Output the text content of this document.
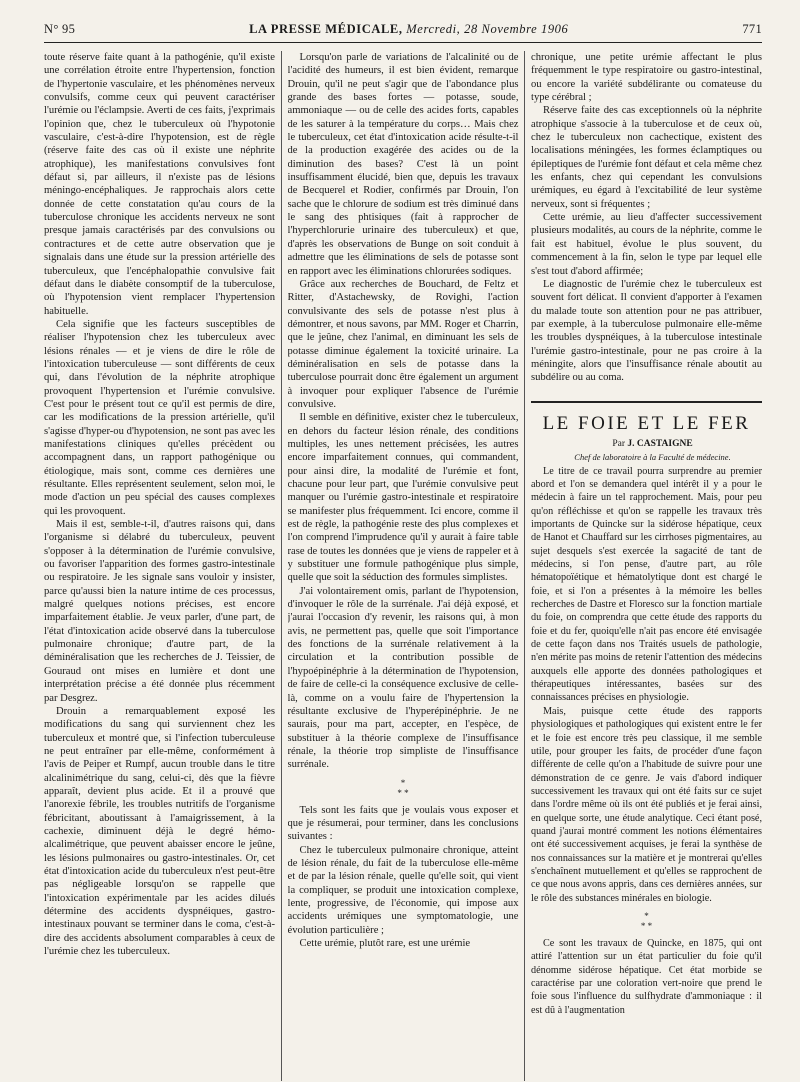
N° 95	LA PRESSE MÉDICALE, Mercredi, 28 Novembre 1906	771

toute réserve faite quant à la pathogénie, qu'il existe une corrélation étroite entre l'hypertension, fonction de l'hypertonie vasculaire, et les phénomènes nerveux convulsifs, comme ceux qui peuvent caractériser l'urémie ou l'éclampsie. Averti de ces faits, j'exprimais l'opinion que, chez le tuberculeux où l'hypotonie vasculaire, c'est-à-dire l'hypotension, est de règle (réserve faite des cas où il existe une néphrite atrophique), les manifestations convulsives font défaut si, par ailleurs, il n'existe pas de lésions méningo-encéphaliques. Je rapprochais alors cette donnée de cette constatation qu'au cours de la tuberculose chronique les accidents nerveux ne sont presque jamais caractérisés par des convulsions ou contractures et de cette autre observation que je signalais dans une étude sur la pression artérielle des tuberculeux, que l'encéphalopathie convulsive fait défaut dans le diabète consomptif de la tuberculose, où l'hypotension vient remplacer l'hypertension habituelle.

Cela signifie que les facteurs susceptibles de réaliser l'hypotension chez les tuberculeux avec lésions rénales — et je viens de dire le rôle de l'intoxication tuberculeuse — sont différents de ceux qui, dans l'évolution de la néphrite atrophique provoquent l'hypertension et l'urémie convulsive. C'est pour le présent tout ce qu'il est permis de dire, car les modifications de la pression artérielle, qu'il s'agisse d'hyper-ou d'hypotension, ne sont pas avec les manifestations cliniques qu'elles précèdent ou accompagnent dans, un rapport pathogénique ou étiologique, mais sont, comme ces dernières une résultante. Elles représentent seulement, selon moi, le mode d'action un peu spécial des causes complexes qui les provoquent.

Mais il est, semble-t-il, d'autres raisons qui, dans l'organisme si délabré du tuberculeux, peuvent s'opposer à la détermination de l'urémie convulsive, ou favoriser l'apparition des formes gastro-intestinale ou respiratoire. Je les signale sans vouloir y insister, parce qu'aussi bien la nature intime de ces processus, malgré quelques notions précises, est encore imparfaitement établie. Je veux parler, d'une part, de l'état d'intoxication acide observé dans la tuberculose pulmonaire chronique; d'autre part, de la déminéralisation que les recherches de J. Teissier, de Gouraud ont mises en lumière et dont une interprétation précise a été donnée plus récemment par Desgrez.

Drouin a remarquablement exposé les modifications du sang qui surviennent chez les tuberculeux et montré que, si l'infection tuberculeuse ne peut entraîner par elle-même, conformément à l'avis de Peiper et Rumpf, aucun trouble dans le titre alcalinimétrique du sang, celui-ci, dès que la fièvre apparaît, devient plus acide. Et il a prouvé que l'anorexie fébrile, les troubles nutritifs de l'organisme fébricitant, aboutissant à l'amaigrissement, à la cachexie, diminuent déjà le degré hémo-alcalimétrique, que peuvent abaisser encore le jeûne, les lésions pulmonaires ou gastro-intestinales. Or, cet état d'intoxication acide du tuberculeux n'est peut-être pas négligeable lorsqu'on se rappelle que l'intoxication expérimentale par les acides dilués détermine des accidents dyspnéiques, gastro-intestinaux pouvant se terminer dans le coma, c'est-à-dire des accidents absolument comparables à ceux de l'urémie chez les tuberculeux.

Lorsqu'on parle de variations de l'alcalinité ou de l'acidité des humeurs, il est bien évident, remarque Drouin, qu'il ne peut s'agir que de l'abondance plus grande des bases fortes — potasse, soude, ammoniaque — ou de celle des acides forts, capables de les saturer à la température du corps… Mais chez le tuberculeux, cet état d'intoxication acide résulte-t-il de la production exagérée des acides ou de la diminution des bases? C'est là un point insuffisamment élucidé, bien que, depuis les travaux de Becquerel et Rodier, confirmés par Drouin, l'on sache que le chlorure de sodium est très diminué dans le sang des phtisiques (fait à rapprocher de l'hyperchlorurie urinaire des tuberculeux) et que, d'après les observations de Bunge on soit conduit à admettre que les éliminations de sels de potasse sont en rapport avec les éliminations chlorurées sodiques.

Grâce aux recherches de Bouchard, de Feltz et Ritter, d'Astachewsky, de Rovighi, l'action convulsivante des sels de potasse n'est plus à démontrer, et nous savons, par MM. Roger et Charrin, que le jeûne, chez l'animal, en diminuant les sels de potasse diminue également la toxicité urinaire. La déminéralisation en sels de potasse dans la tuberculose pourrait donc être également un argument à invoquer pour expliquer l'absence de l'urémie convulsive.

Il semble en définitive, exister chez le tuberculeux, en dehors du facteur lésion rénale, des conditions multiples, les unes nettement précisées, les autres encore imparfaitement connues, qui commandent, pour ainsi dire, la modalité de l'urémie et font, chacune pour leur part, que l'urémie convulsive peut manquer ou l'urémie gastro-intestinale et respiratoire se manifester plus fréquemment. Ici encore, comme il est de règle, la pathogénie reste des plus complexes et l'on comprend l'imprudence qu'il y aurait à faire table rase de toutes les données que je viens de rappeler et à y substituer une formule pathogénique plus simple, quelle que soit la séduction des formules simplistes.

J'ai volontairement omis, parlant de l'hypotension, d'invoquer le rôle de la surrénale. J'ai déjà exposé, et j'aurai l'occasion d'y revenir, les raisons qui, à mon avis, ne permettent pas, quelle que soit l'importance des fonctions de la surrénale relativement à la circulation et la contribution possible de l'hypoépinéphrie à la détermination de l'hypotension, de faire de celle-ci la conséquence exclusive de celle-là, comme on a voulu faire de l'hypertension la résultante exclusive de l'hyperépinéphrie. Je ne saurais, pour ma part, accepter, en l'espèce, de substituer à la théorie complexe de l'insuffisance rénale, la théorie trop simpliste de l'insuffisance surrénale.

*
* *

Tels sont les faits que je voulais vous exposer et que je résumerai, pour terminer, dans les conclusions suivantes :

Chez le tuberculeux pulmonaire chronique, atteint de lésion rénale, du fait de la tuberculose elle-même et de par la lésion rénale, quelle qu'elle soit, qui vient la compliquer, se produit une intoxication complexe, lente, progressive, de l'économie, qui impose aux accidents urémiques une symptomatologie, une évolution particulière ;

Cette urémie, plutôt rare, est une urémie

chronique, une petite urémie affectant le plus fréquemment le type respiratoire ou gastro-intestinal, ou encore la variété subdélirante ou comateuse du type cérébral ;

Réserve faite des cas exceptionnels où la néphrite atrophique s'associe à la tuberculose et de ceux où, chez le tuberculeux non cachectique, existent des localisations méningées, les formes éclamptiques ou épileptiques de l'urémie font défaut et cela même chez les enfants, chez qui cependant les convulsions urémiques, eu égard à l'excitabilité de leur système nerveux, sont si fréquentes ;

Cette urémie, au lieu d'affecter successivement plusieurs modalités, au cours de la néphrite, comme le fait est habituel, évolue le plus souvent, du commencement à la fin, selon le type par lequel elle s'est tout d'abord affirmée;

Le diagnostic de l'urémie chez le tuberculeux est souvent fort délicat. Il convient d'apporter à l'examen du malade toute son attention pour ne pas attribuer, par exemple, à la tuberculose pulmonaire elle-même les troubles dyspnéiques, à la tuberculose intestinale l'urémie gastro-intestinale, pour ne pas croire à la méningite, alors que l'insuffisance rénale aboutit au subdélire ou au coma.

LE FOIE ET LE FER

Par J. CASTAIGNE

Chef de laboratoire à la Faculté de médecine.

Le titre de ce travail pourra surprendre au premier abord et l'on se demandera quel intérêt il y a pour le médecin à faire un tel rapprochement. Mais, pour peu qu'on réfléchisse et qu'on se rappelle les travaux très importants de Quincke sur la sidérose hépatique, ceux de Hanot et Chauffard sur les cirrhoses pigmentaires, au sujet desquels s'est exercée la sagacité de tant de médecins, si l'on pense, d'autre part, au rôle hématopoïétique et hématolytique dont est chargé le foie, et si l'on a présentes à la mémoire les belles recherches de Dastre et Floresco sur la fonction martiale du foie, on comprendra que cette étude des rapports du foie et du fer, quoiqu'elle n'ait pas encore été envisagée de cette façon dans nos Traités usuels de pathologie, n'en mérite pas moins de retenir l'attention des médecins auxquels elle apporte des données pathologiques et thérapeutiques intéressantes, basées sur des connaissances précises en physiologie.

Mais, puisque cette étude des rapports physiologiques et pathologiques qui existent entre le fer et le foie est encore très peu classique, il me semble utile, pour grouper les faits, de procéder d'une façon différente de celle qu'on a l'habitude de suivre pour une démonstration de ce genre. Je vais d'abord indiquer successivement les travaux qui ont été faits sur ce sujet dans l'ordre même où ils ont été publiés et je ferai ainsi, en quelque sorte, une étude analytique. Ceci étant posé, quand j'aurai montré comment les notions élémentaires ont été successivement acquises, je ferai la synthèse de nos connaissances sur la matière et je montrerai qu'elles s'enchaînent mutuellement et qu'elles se rapprochent de ce que nous avons appris, dans ces dernières années, sur le rôle des substances minérales en biologie.

*
* *

Ce sont les travaux de Quincke, en 1875, qui ont attiré l'attention sur un état particulier du foie qu'il dénomme sidérose hépatique. Cet état morbide se caractérise par une coloration vert-noire que prend le foie sous l'influence du sulfhydrate d'ammoniaque : il est dû à l'augmentation
